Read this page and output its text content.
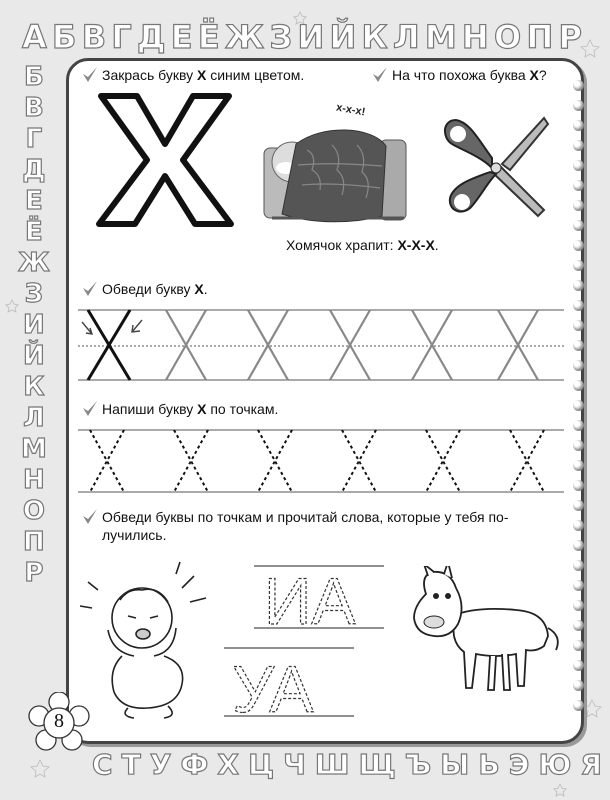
А Б В Г Д Е Ё Ж З И Й К Л М Н О П Р
Б
В
Г
Д
Е
Ё
Ж
З
И
Й
К
Л
М
Н
О
П
Р
С Т У Ф Х Ц Ч Ш Щ Ъ Ы Ь Э Ю Я
Закрась букву Х синим цветом.	На что похожа буква Х?
х-х-х!
Хомячок храпит: Х-Х-Х.
Обведи букву Х.
Напиши букву Х по точкам.
Обведи буквы по точкам и прочитай слова, которые у тебя по-
лучились.
ИА
УА
8
